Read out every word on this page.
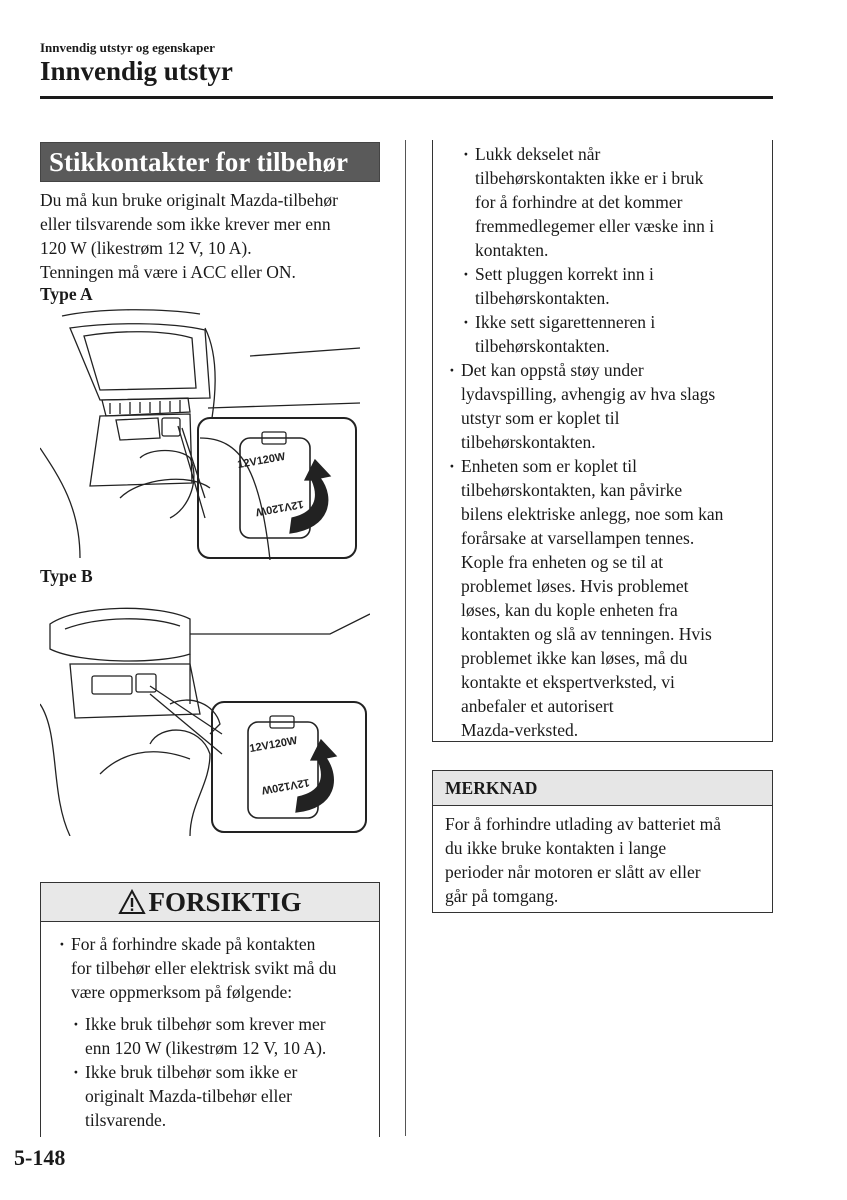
Innvendig utstyr og egenskaper
Innvendig utstyr
Stikkontakter for tilbehør
Du må kun bruke originalt Mazda-tilbehør
eller tilsvarende som ikke krever mer enn
120 W (likestrøm 12 V, 10 A).
Tenningen må være i ACC eller ON.
Type A
12V120W
12V120W
Type B
12V120W
12V120W
FORSIKTIG
· For å forhindre skade på kontakten
for tilbehør eller elektrisk svikt må du
være oppmerksom på følgende:
· Ikke bruk tilbehør som krever mer
enn 120 W (likestrøm 12 V, 10 A).
· Ikke bruk tilbehør som ikke er
originalt Mazda-tilbehør eller
tilsvarende.
· Lukk dekselet når
tilbehørskontakten ikke er i bruk
for å forhindre at det kommer
fremmedlegemer eller væske inn i
kontakten.
· Sett pluggen korrekt inn i
tilbehørskontakten.
· Ikke sett sigarettenneren i
tilbehørskontakten.
· Det kan oppstå støy under
lydavspilling, avhengig av hva slags
utstyr som er koplet til
tilbehørskontakten.
· Enheten som er koplet til
tilbehørskontakten, kan påvirke
bilens elektriske anlegg, noe som kan
forårsake at varsellampen tennes.
Kople fra enheten og se til at
problemet løses. Hvis problemet
løses, kan du kople enheten fra
kontakten og slå av tenningen. Hvis
problemet ikke kan løses, må du
kontakte et ekspertverksted, vi
anbefaler et autorisert
Mazda-verksted.
MERKNAD
For å forhindre utlading av batteriet må
du ikke bruke kontakten i lange
perioder når motoren er slått av eller
går på tomgang.
5-148
